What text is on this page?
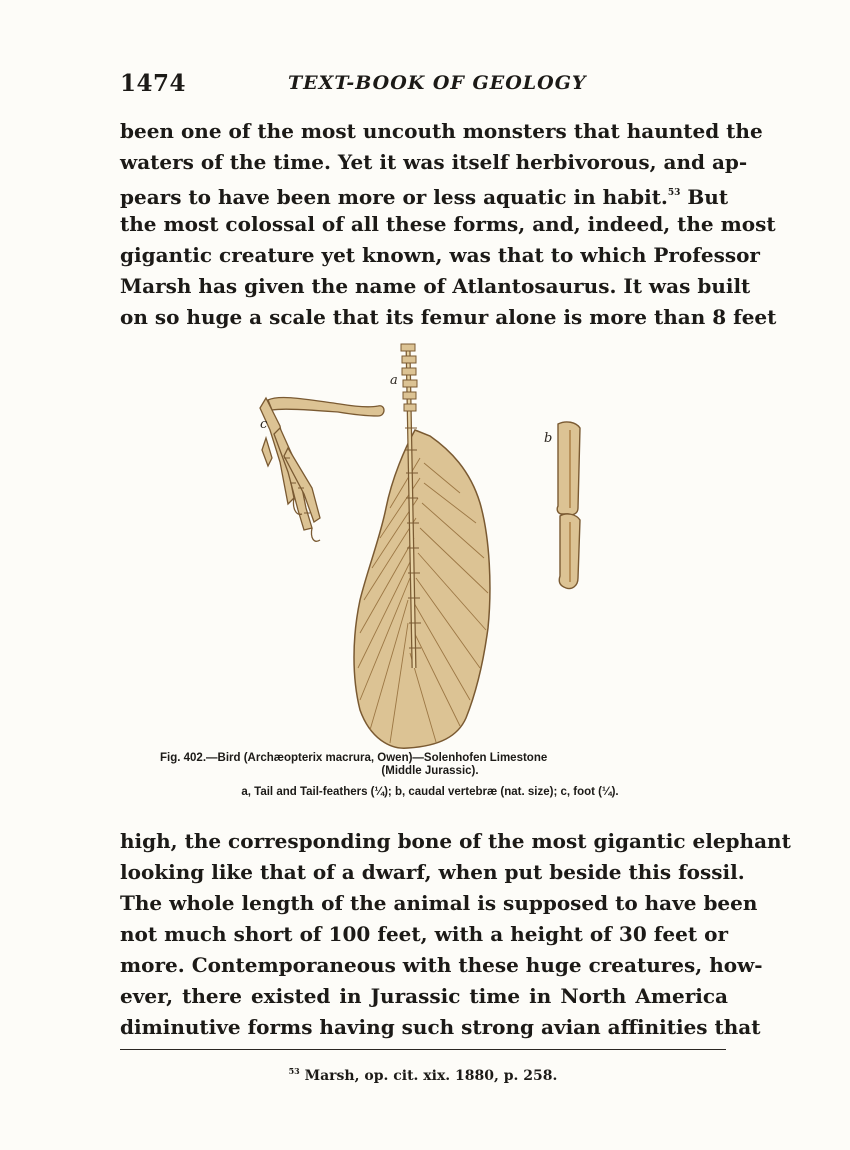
1474	TEXT-BOOK OF GEOLOGY
been one of the most uncouth monsters that haunted the
waters of the time. Yet it was itself herbivorous, and ap-
pears to have been more or less aquatic in habit.$^{53}$ But
the most colossal of all these forms, and, indeed, the most
gigantic creature yet known, was that to which Professor
Marsh has given the name of Atlantosaurus. It was built
on so huge a scale that its femur alone is more than 8 feet
a
b
c
Fig. 402.—Bird (Archæopterix macrura, Owen)—Solenhofen Limestone
(Middle Jurassic).
a, Tail and Tail-feathers (¼); b, caudal vertebræ (nat. size); c, foot (¼).
high, the corresponding bone of the most gigantic elephant
looking like that of a dwarf, when put beside this fossil.
The whole length of the animal is supposed to have been
not much short of 100 feet, with a height of 30 feet or
more. Contemporaneous with these huge creatures, how-
ever, there existed in Jurassic time in North America
diminutive forms having such strong avian affinities that
$^{53}$ Marsh, op. cit. xix. 1880, p. 258.
